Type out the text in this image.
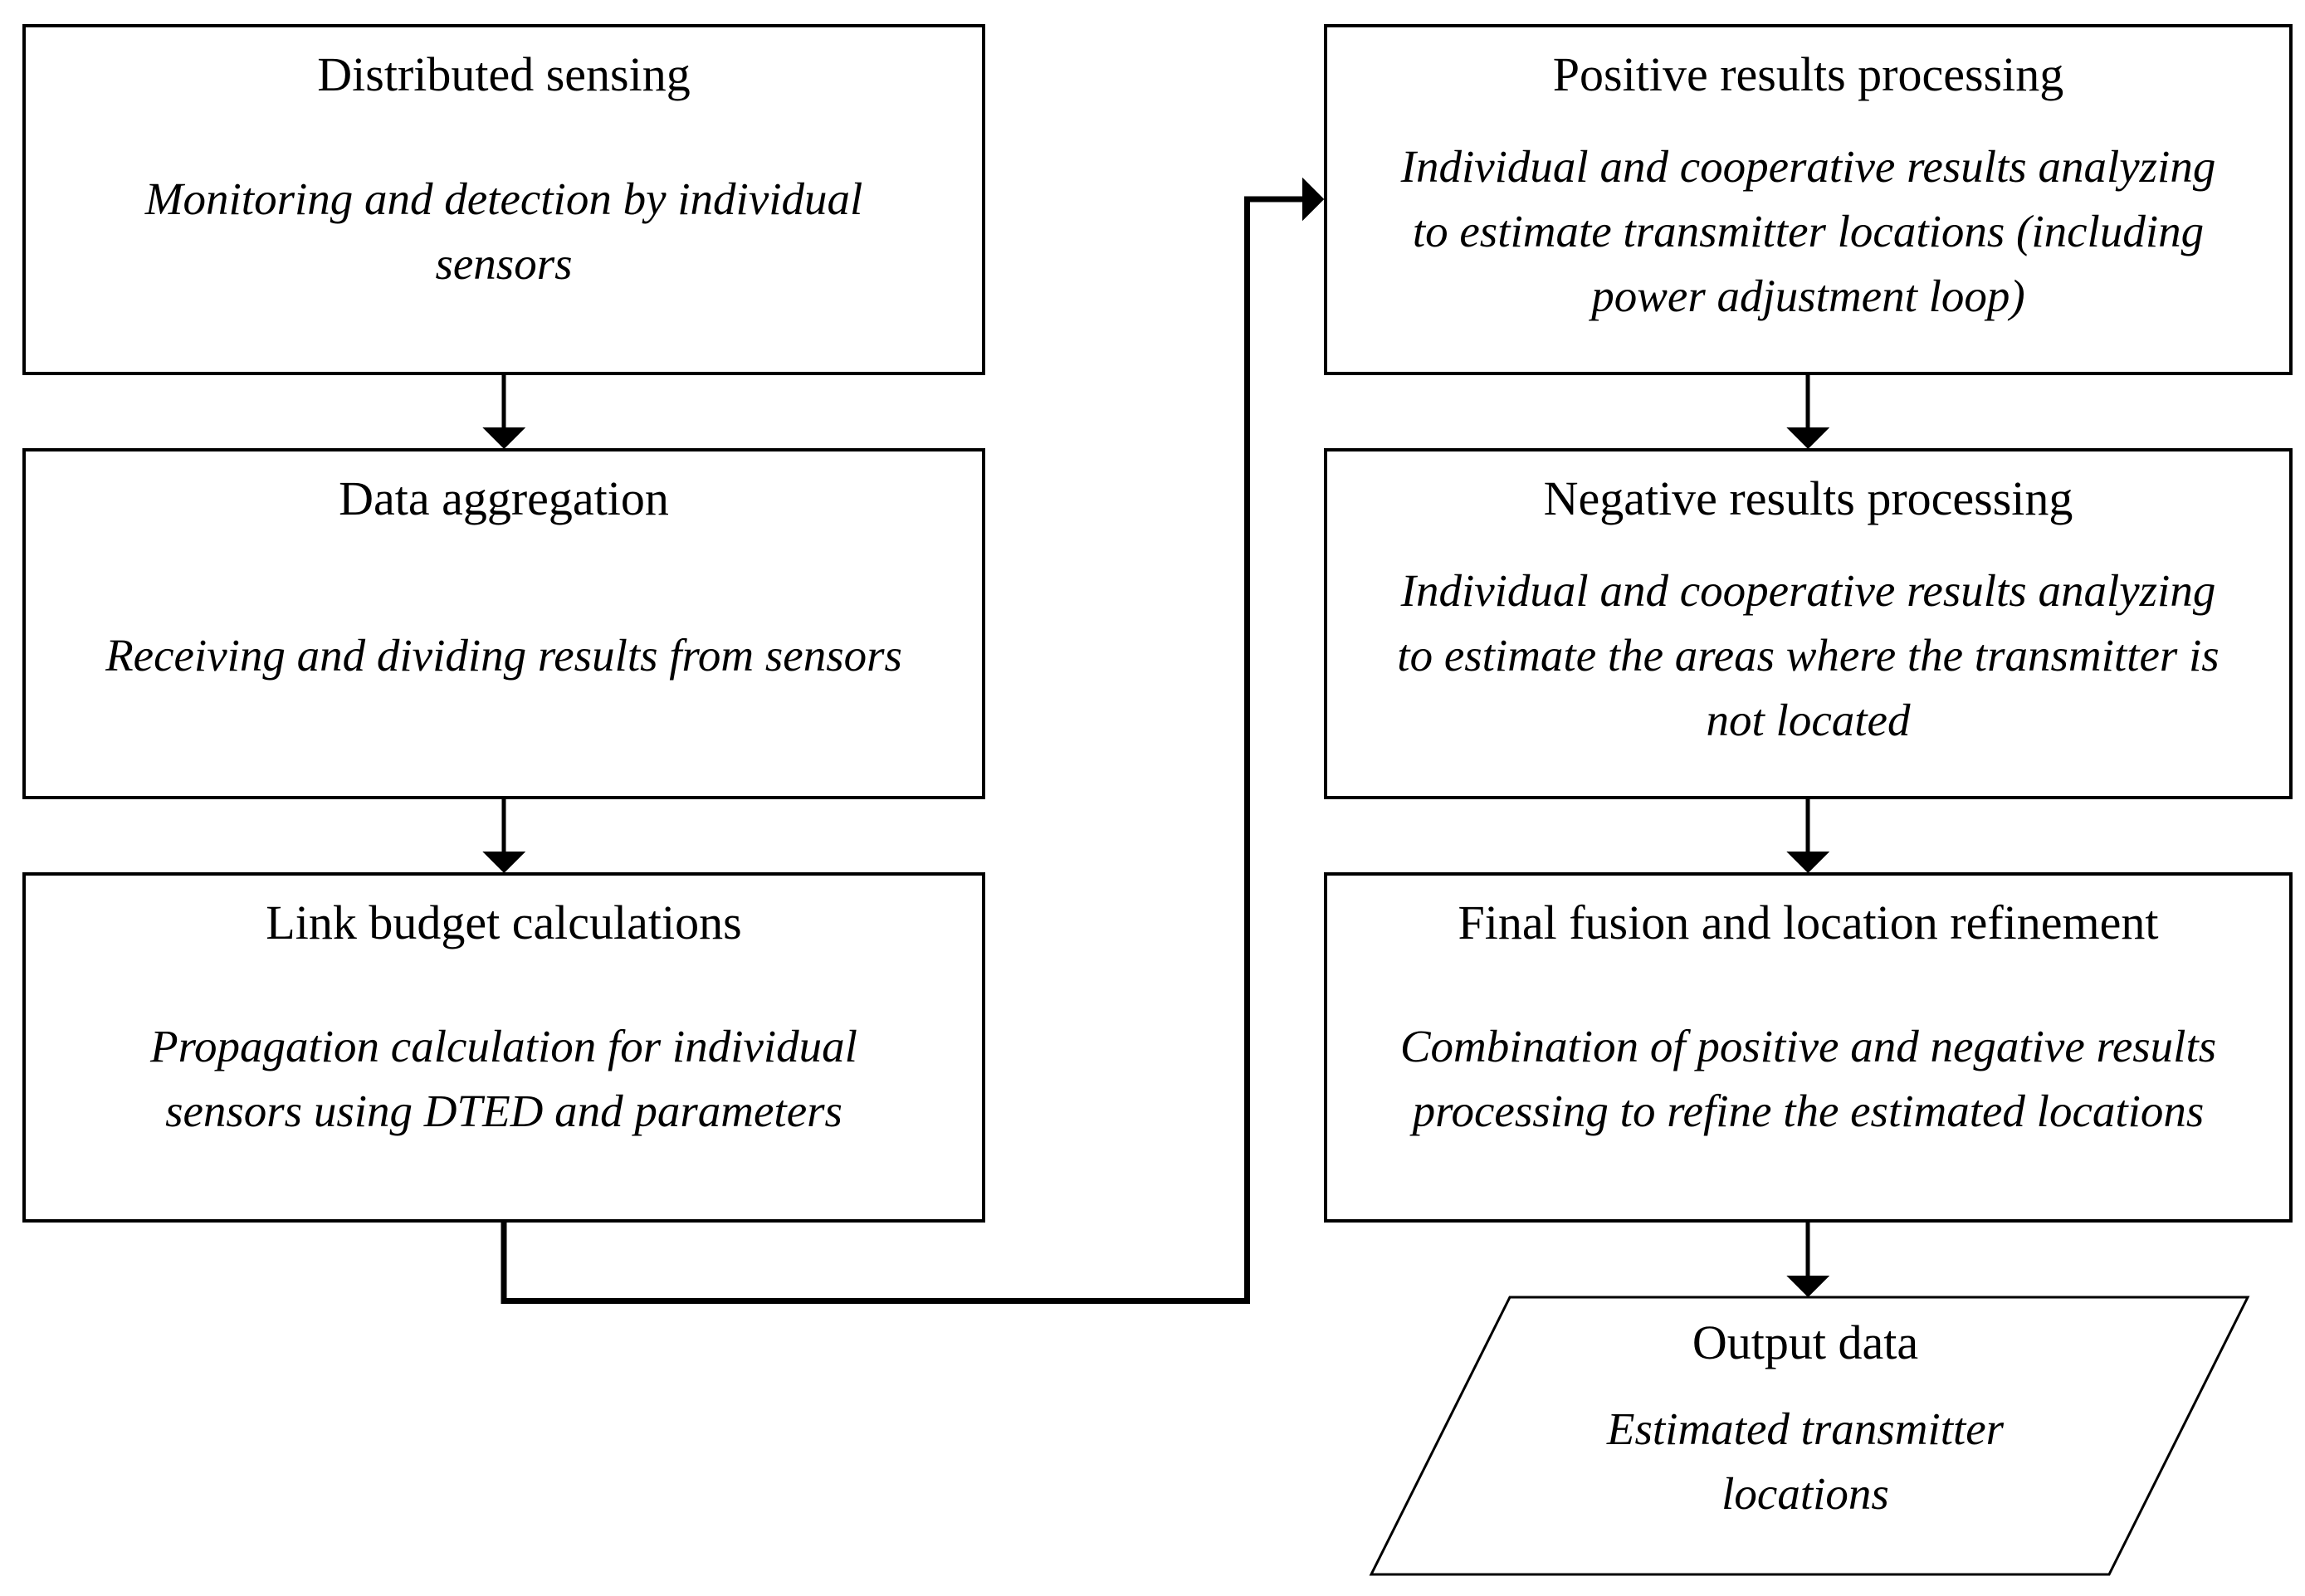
Distributed sensing
Monitoring and detection by individual
sensors
Data aggregation
Receiving and dividing results from sensors
Link budget calculations
Propagation calculation for individual
sensors using DTED and parameters
Positive results processing
Individual and cooperative results analyzing
to estimate transmitter locations (including
power adjustment loop)
Negative results processing
Individual and cooperative results analyzing
to estimate the areas where the transmitter is
not located
Final fusion and location refinement
Combination of positive and negative results
processing to refine the estimated locations
Output data
Estimated transmitter
locations
